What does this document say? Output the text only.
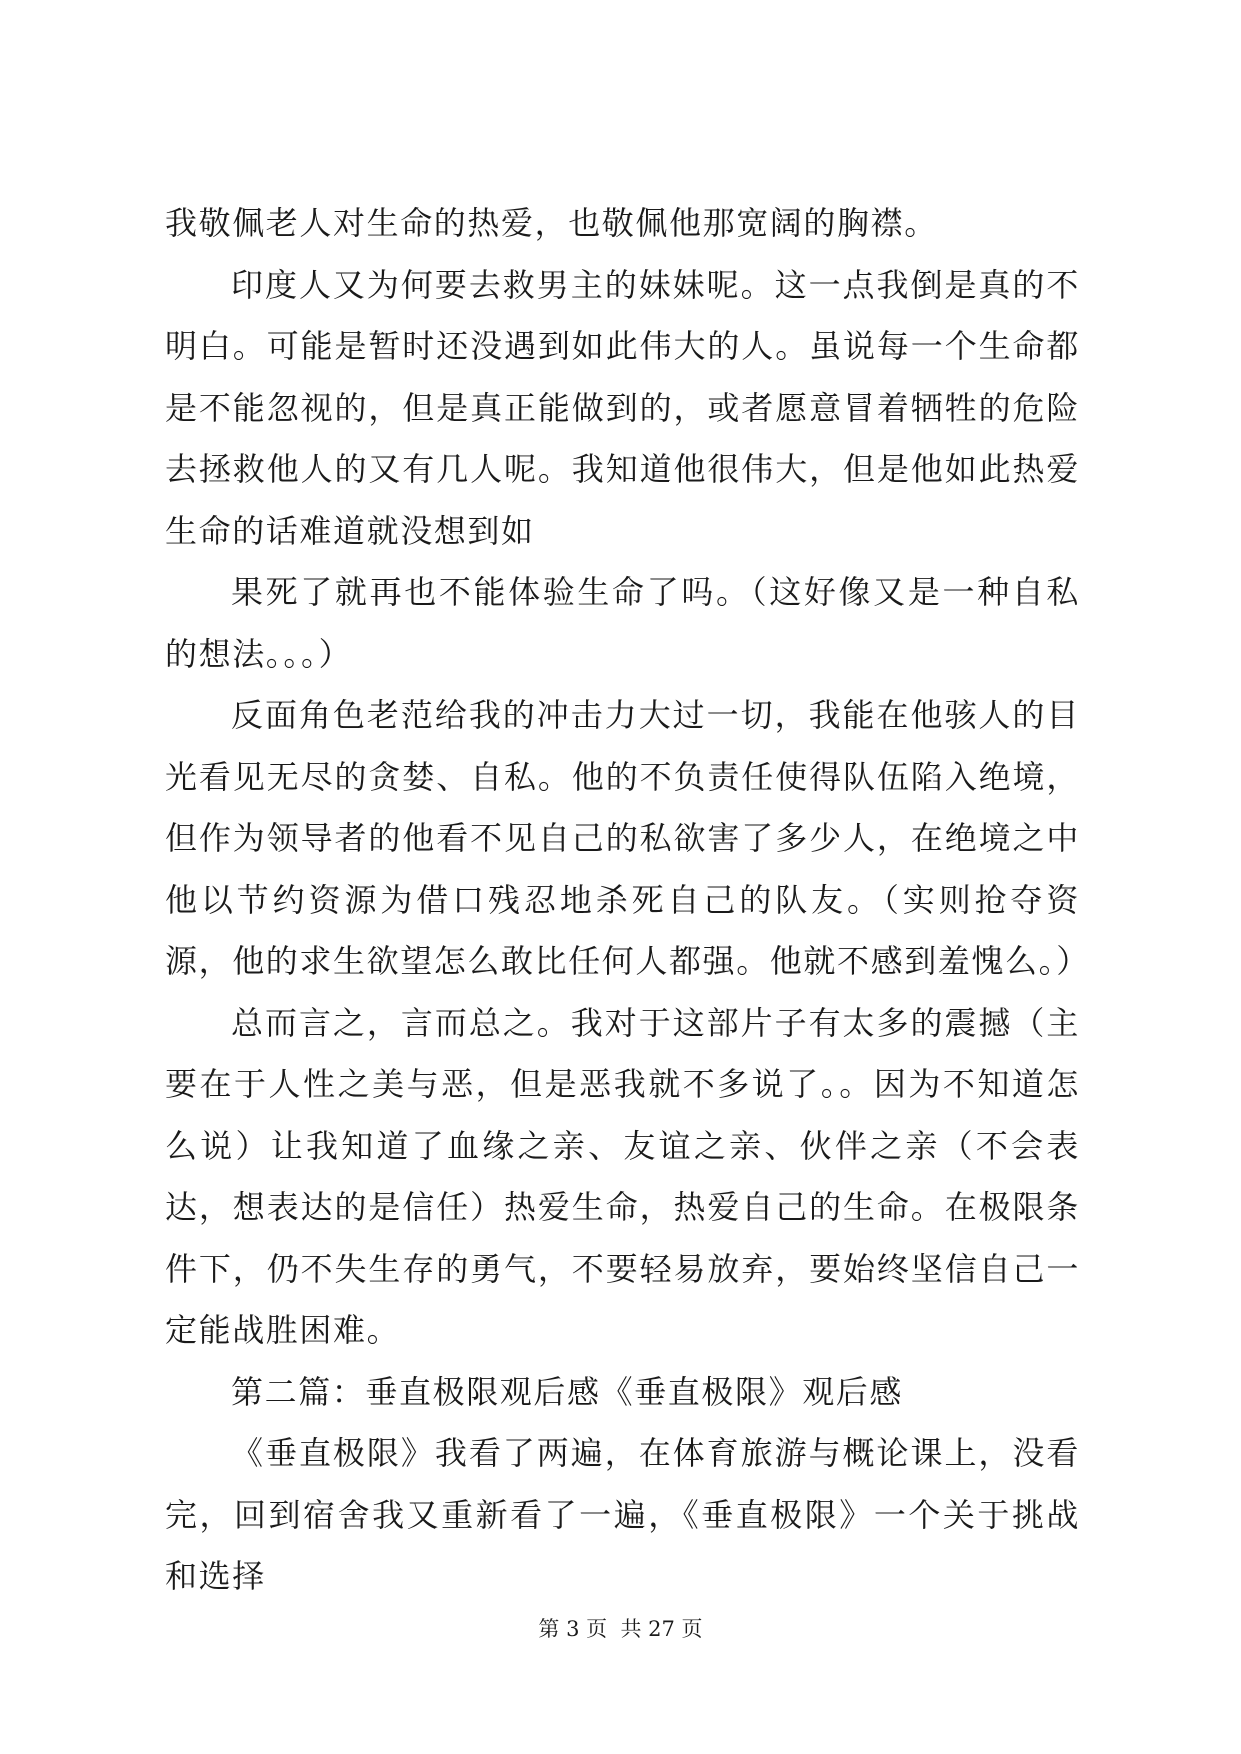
我敬佩老人对生命的热爱，也敬佩他那宽阔的胸襟。

印度人又为何要去救男主的妹妹呢。这一点我倒是真的不明白。可能是暂时还没遇到如此伟大的人。虽说每一个生命都是不能忽视的，但是真正能做到的，或者愿意冒着牺牲的危险去拯救他人的又有几人呢。我知道他很伟大，但是他如此热爱生命的话难道就没想到如

果死了就再也不能体验生命了吗。（这好像又是一种自私的想法。。。）

反面角色老范给我的冲击力大过一切，我能在他骇人的目光看见无尽的贪婪、自私。他的不负责任使得队伍陷入绝境，但作为领导者的他看不见自己的私欲害了多少人，在绝境之中他以节约资源为借口残忍地杀死自己的队友。（实则抢夺资源，他的求生欲望怎么敢比任何人都强。他就不感到羞愧么。）

总而言之，言而总之。我对于这部片子有太多的震撼（主要在于人性之美与恶，但是恶我就不多说了。。因为不知道怎么说）让我知道了血缘之亲、友谊之亲、伙伴之亲（不会表达，想表达的是信任）热爱生命，热爱自己的生命。在极限条件下，仍不失生存的勇气，不要轻易放弃，要始终坚信自己一定能战胜困难。

第二篇：垂直极限观后感《垂直极限》观后感

《垂直极限》我看了两遍，在体育旅游与概论课上，没看完，回到宿舍我又重新看了一遍，《垂直极限》一个关于挑战和选择

第 3 页  共 27 页
